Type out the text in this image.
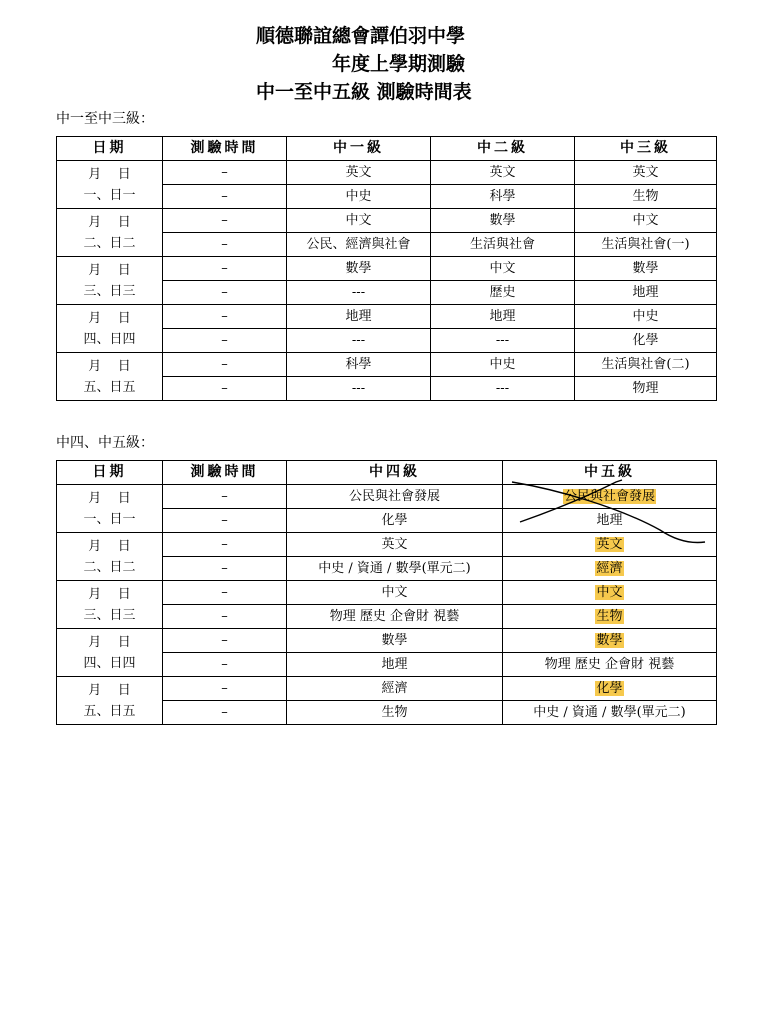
順德聯誼總會譚伯羽中學
年度上學期測驗
中一至中五級 測驗時間表
中一至中三級：
日期	測驗時間	中一級	中二級	中三級

月    日
一、日一	–	英文	英文	英文
	–	中史	科學	生物

月    日
二、日二	–	中文	數學	中文
	–	公民、經濟與社會	生活與社會	生活與社會(一)

月    日
三、日三	–	數學	中文	數學
	–	---	歷史	地理

月    日
四、日四	–	地理	地理	中史
	–	---	---	化學

月    日
五、日五	–	科學	中史	生活與社會(二)
	–	---	---	物理
中四、中五級：
日期	測驗時間	中四級	中五級

月    日
一、日一	–	公民與社會發展	公民與社會發展
	–	化學	地理

月    日
二、日二	–	英文	英文
	–	中史 / 資通 / 數學(單元二)	經濟

月    日
三、日三	–	中文	中文
	–	物理 歷史 企會財 視藝	生物

月    日
四、日四	–	數學	數學
	–	地理	物理 歷史 企會財 視藝

月    日
五、日五	–	經濟	化學
	–	生物	中史 / 資通 / 數學(單元二)
